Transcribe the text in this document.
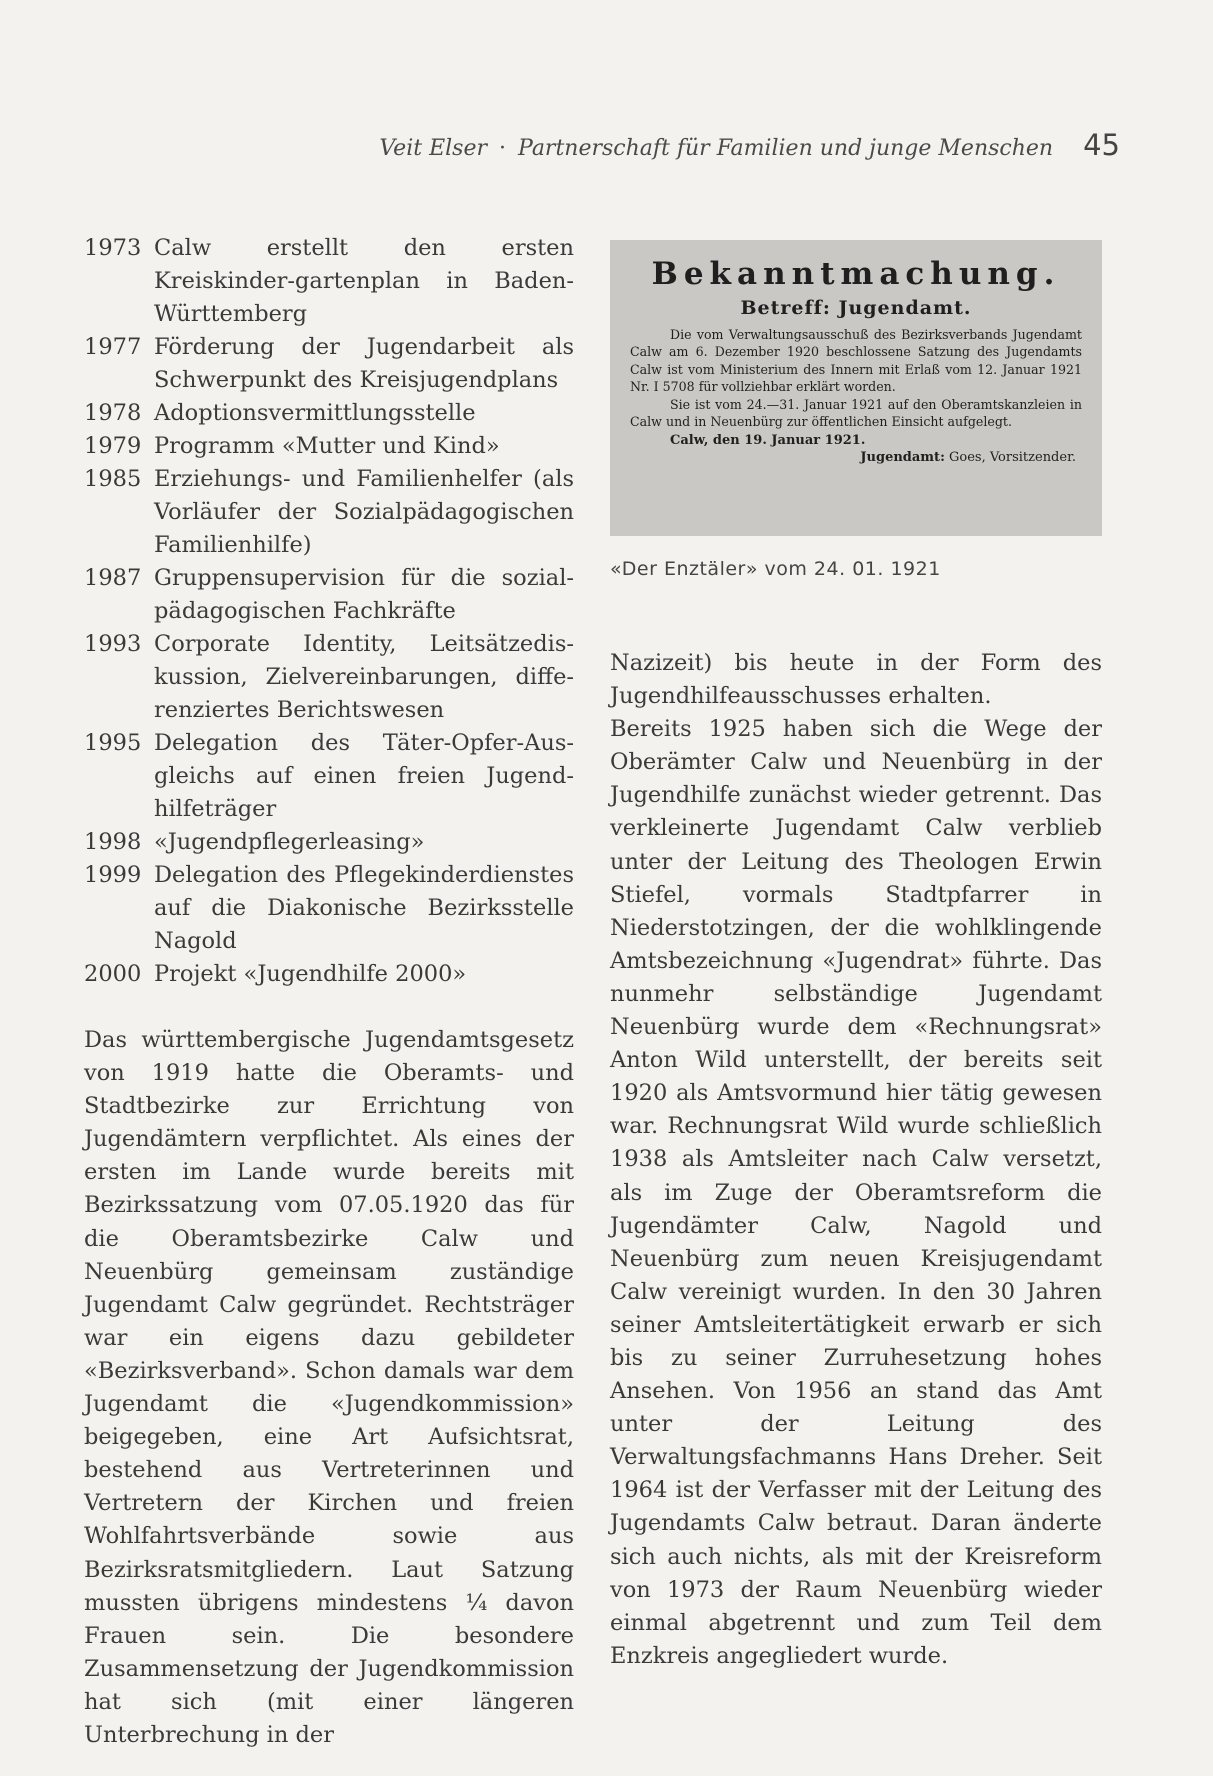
Veit Elser · Partnerschaft für Familien und junge Menschen 45
1973 Calw erstellt den ersten Kreiskinder-gartenplan in Baden-Württemberg
1977 Förderung der Jugendarbeit als Schwerpunkt des Kreisjugendplans
1978 Adoptionsvermittlungsstelle
1979 Programm «Mutter und Kind»
1985 Erziehungs- und Familienhelfer (als Vorläufer der Sozialpädagogischen Familienhilfe)
1987 Gruppensupervision für die sozial-pädagogischen Fachkräfte
1993 Corporate Identity, Leitsätzedis-kussion, Zielvereinbarungen, diffe-renziertes Berichtswesen
1995 Delegation des Täter-Opfer-Aus-gleichs auf einen freien Jugend-hilfeträger
1998 «Jugendpflegerleasing»
1999 Delegation des Pflegekinderdienstes auf die Diakonische Bezirksstelle Nagold
2000 Projekt «Jugendhilfe 2000»

Das württembergische Jugendamtsgesetz von 1919 hatte die Oberamts- und Stadtbezirke zur Errichtung von Jugendämtern verpflichtet. Als eines der ersten im Lande wurde bereits mit Bezirkssatzung vom 07.05.1920 das für die Oberamtsbezirke Calw und Neuenbürg gemeinsam zuständige Jugendamt Calw gegründet. Rechtsträger war ein eigens dazu gebildeter «Bezirksverband». Schon damals war dem Jugendamt die «Jugendkommission» beigegeben, eine Art Aufsichtsrat, bestehend aus Vertreterinnen und Vertretern der Kirchen und freien Wohlfahrtsverbände sowie aus Bezirksratsmitgliedern. Laut Satzung mussten übrigens mindestens ¼ davon Frauen sein. Die besondere Zusammensetzung der Jugendkommission hat sich (mit einer längeren Unterbrechung in der

Bekanntmachung.
Betreff: Jugendamt.

Die vom Verwaltungsausschuß des Bezirksverbands Jugendamt Calw am 6. Dezember 1920 beschlossene Satzung des Jugendamts Calw ist vom Ministerium des Innern mit Erlaß vom 12. Januar 1921 Nr. I 5708 für vollziehbar erklärt worden.

Sie ist vom 24.—31. Januar 1921 auf den Oberamtskanzleien in Calw und in Neuenbürg zur öffentlichen Einsicht aufgelegt.

Calw, den 19. Januar 1921.
Jugendamt: Goes, Vorsitzender.
«Der Enztäler» vom 24. 01. 1921

Nazizeit) bis heute in der Form des Jugendhilfeausschusses erhalten.

Bereits 1925 haben sich die Wege der Oberämter Calw und Neuenbürg in der Jugendhilfe zunächst wieder getrennt. Das verkleinerte Jugendamt Calw verblieb unter der Leitung des Theologen Erwin Stiefel, vormals Stadtpfarrer in Niederstotzingen, der die wohlklingende Amtsbezeichnung «Jugendrat» führte. Das nunmehr selbständige Jugendamt Neuenbürg wurde dem «Rechnungsrat» Anton Wild unterstellt, der bereits seit 1920 als Amtsvormund hier tätig gewesen war. Rechnungsrat Wild wurde schließlich 1938 als Amtsleiter nach Calw versetzt, als im Zuge der Oberamtsreform die Jugendämter Calw, Nagold und Neuenbürg zum neuen Kreisjugendamt Calw vereinigt wurden. In den 30 Jahren seiner Amtsleitertätigkeit erwarb er sich bis zu seiner Zurruhesetzung hohes Ansehen. Von 1956 an stand das Amt unter der Leitung des Verwaltungsfachmanns Hans Dreher. Seit 1964 ist der Verfasser mit der Leitung des Jugendamts Calw betraut. Daran änderte sich auch nichts, als mit der Kreisreform von 1973 der Raum Neuenbürg wieder einmal abgetrennt und zum Teil dem Enzkreis angegliedert wurde.
